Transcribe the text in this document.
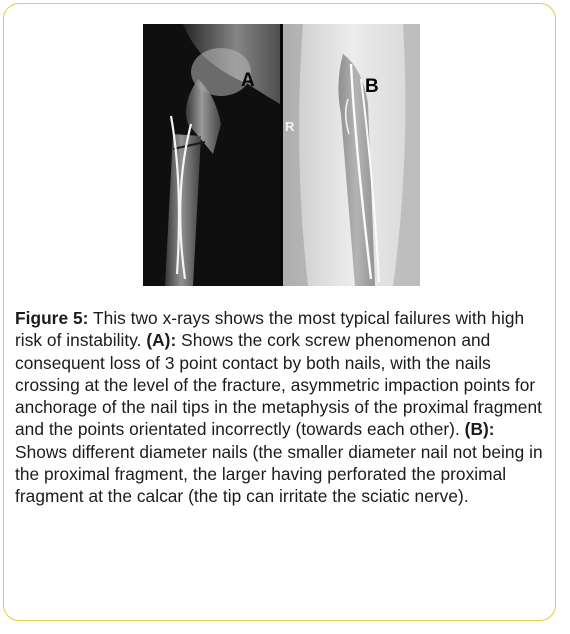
A	B
R

Figure 5: This two x-rays shows the most typical failures with high risk of instability. (A): Shows the cork screw phenomenon and consequent loss of 3 point contact by both nails, with the nails crossing at the level of the fracture, asymmetric impaction points for anchorage of the nail tips in the metaphysis of the proximal fragment and the points orientated incorrectly (towards each other). (B): Shows different diameter nails (the smaller diameter nail not being in the proximal fragment, the larger having perforated the proximal fragment at the calcar (the tip can irritate the sciatic nerve).
